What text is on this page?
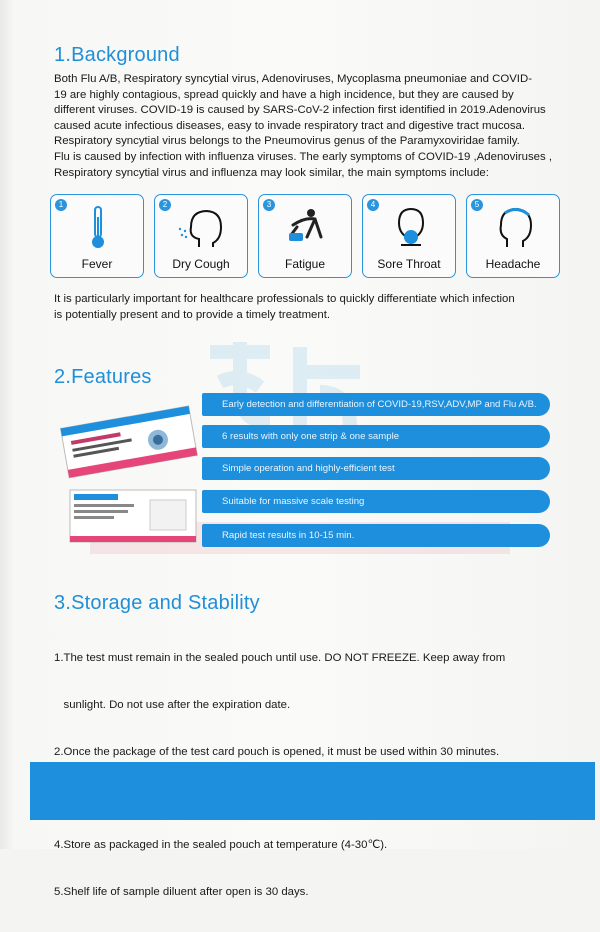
1.Background
Both Flu A/B, Respiratory syncytial virus, Adenoviruses, Mycoplasma pneumoniae and COVID-
19 are highly contagious, spread quickly and have a high incidence, but they are caused by
different viruses. COVID-19 is caused by SARS-CoV-2 infection first identified in 2019.Adenovirus
caused acute infectious diseases, easy to invade respiratory tract and digestive tract mucosa.
Respiratory syncytial virus belongs to the Pneumovirus genus of the Paramyxoviridae family.
Flu is caused by infection with influenza viruses. The early symptoms of COVID-19 ,Adenoviruses ,
Respiratory syncytial virus and influenza may look similar, the main symptoms include:
1
Fever
2
Dry Cough
3
Fatigue
4
Sore Throat
5
Headache
It is particularly important for healthcare professionals to quickly differentiate which infection
is potentially present and to provide a timely treatment.
2.Features
Early detection and differentiation of COVID-19,RSV,ADV,MP and Flu A/B.
6 results with only one strip & one sample
Simple operation and highly-efficient test
Suitable for massive scale testing
Rapid test results in 10-15 min.
3.Storage and Stability

1.The test must remain in the sealed pouch until use. DO NOT FREEZE. Keep away from

sunlight. Do not use after the expiration date.

2.Once the package of the test card pouch is opened, it must be used within 30 minutes.

4.Store as packaged in the sealed pouch at temperature (4-30℃).

5.Shelf life of sample diluent after open is 30 days.
